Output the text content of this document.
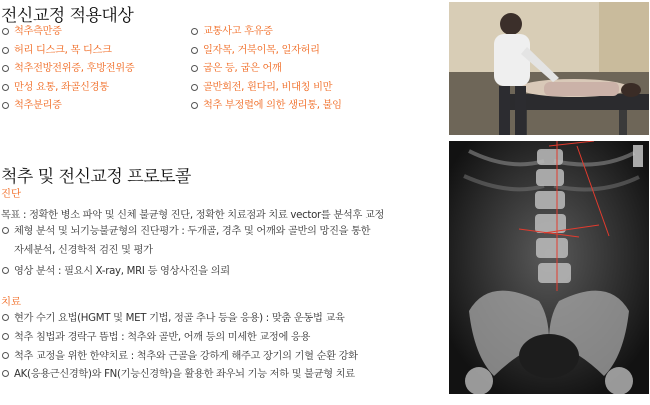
전신교정 적용대상
척추측만증
허리 디스크, 목 디스크
척추전방전위증, 후방전위증
만성 요통, 좌골신경통
척추분리증
교통사고 후유증
일자목, 거북이목, 일자허리
굽은 등, 굽은 어깨
골반회전, 휜다리, 비대칭 비만
척추 부정렬에 의한 생리통, 불임
척추 및 전신교정 프로토콜
진단
목표 : 정확한 병소 파악 및 신체 불균형 진단, 정확한 치료점과 치료 vector를 분석후 교정
체형 분석 및 뇌기능불균형의 진단평가 : 두개골, 경추 및 어깨와 골반의 망진을 통한
자세분석, 신경학적 검진 및 평가
영상 분석 : 필요시 X-ray, MRI 등 영상사진을 의뢰
치료
현가 수기 요법(HGMT 및 MET 기법, 정골 추나 등을 응용) : 맞춤 운동법 교육
척추 침법과 경락구 뜸법 : 척추와 골반, 어깨 등의 미세한 교정에 응용
척추 교정을 위한 한약치료 : 척추와 근골을 강하게 해주고 장기의 기혈 순환 강화
AK(응용근신경학)와 FN(기능신경학)을 활용한 좌우뇌 기능 저하 및 불균형 치료
